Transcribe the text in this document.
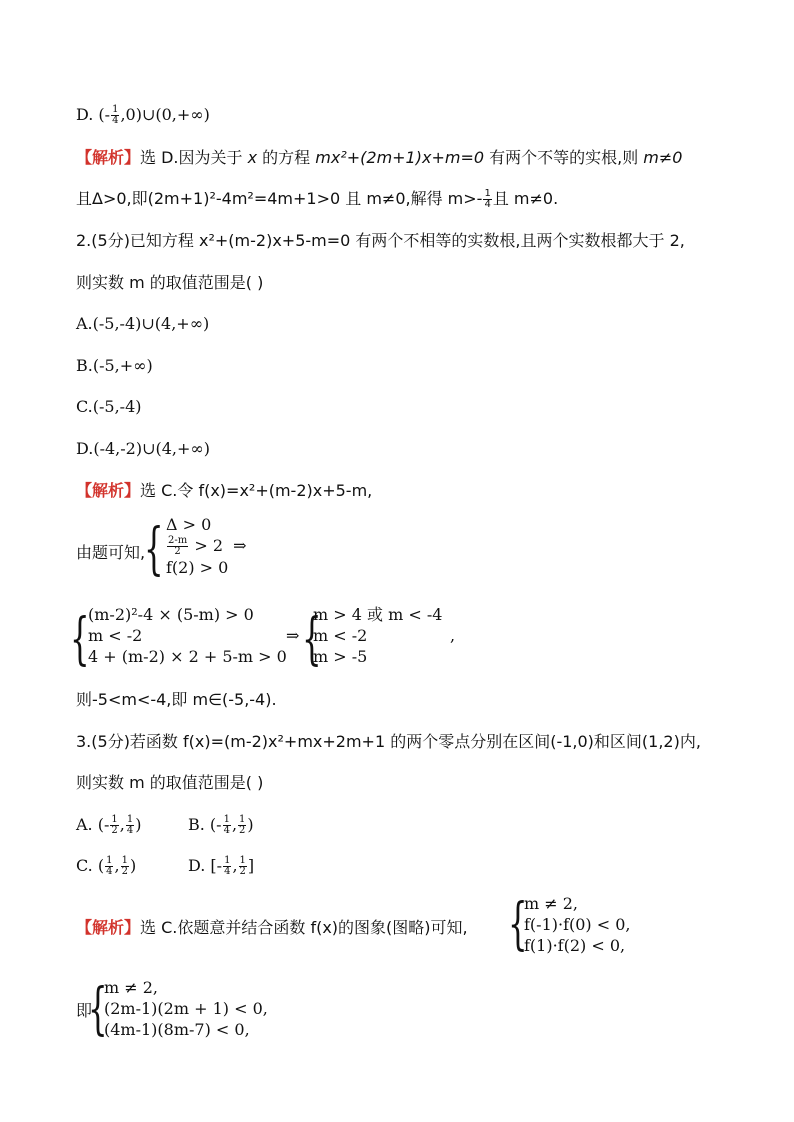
D. (- $\frac{1}{4}$ ,0)∪(0,+∞)
【解析】选 D.因为关于 x 的方程 mx²+(2m+1)x+m=0 有两个不等的实根,则 m≠0
且Δ>0,即(2m+1)²-4m²=4m+1>0 且 m≠0,解得 $m>- \frac{1}{4}$ 且 m≠0.
2.(5分)已知方程 x²+(m-2)x+5-m=0 有两个不相等的实数根,且两个实数根都大于 2,
则实数 m 的取值范围是( )
A.(-5,-4)∪(4,+∞)
B.(-5,+∞)
C.(-5,-4)
D.(-4,-2)∪(4,+∞)
【解析】选 C.令 f(x)=x²+(m-2)x+5-m,
由题可知,
{ Δ > 0
$\frac{2-m}{2} > 2$ ⇒
f(2) > 0
{
(m-2)²-4 × (5-m) > 0
m < -2
4 + (m-2) × 2 + 5-m > 0
⇒ {
m > 4 或 m < -4
m < -2
m > -5
,
则-5<m<-4,即 m∈(-5,-4).
3.(5分)若函数 f(x)=(m-2)x²+mx+2m+1 的两个零点分别在区间(-1,0)和区间(1,2)内,
则实数 m 的取值范围是( )
A. (- $\frac{1}{2}$ , $\frac{1}{4}$ )	B. (- $\frac{1}{4}$ , $\frac{1}{2}$ )
C. ( $\frac{1}{4}$ , $\frac{1}{2}$ )	D. [- $\frac{1}{4}$ , $\frac{1}{2}$ ]
【解析】选 C.依题意并结合函数 f(x)的图象(图略)可知, {
m ≠ 2,
f(-1)·f(0) < 0,
f(1)·f(2) < 0,
即
{
m ≠ 2,
(2m-1)(2m + 1) < 0,
(4m-1)(8m-7) < 0,
